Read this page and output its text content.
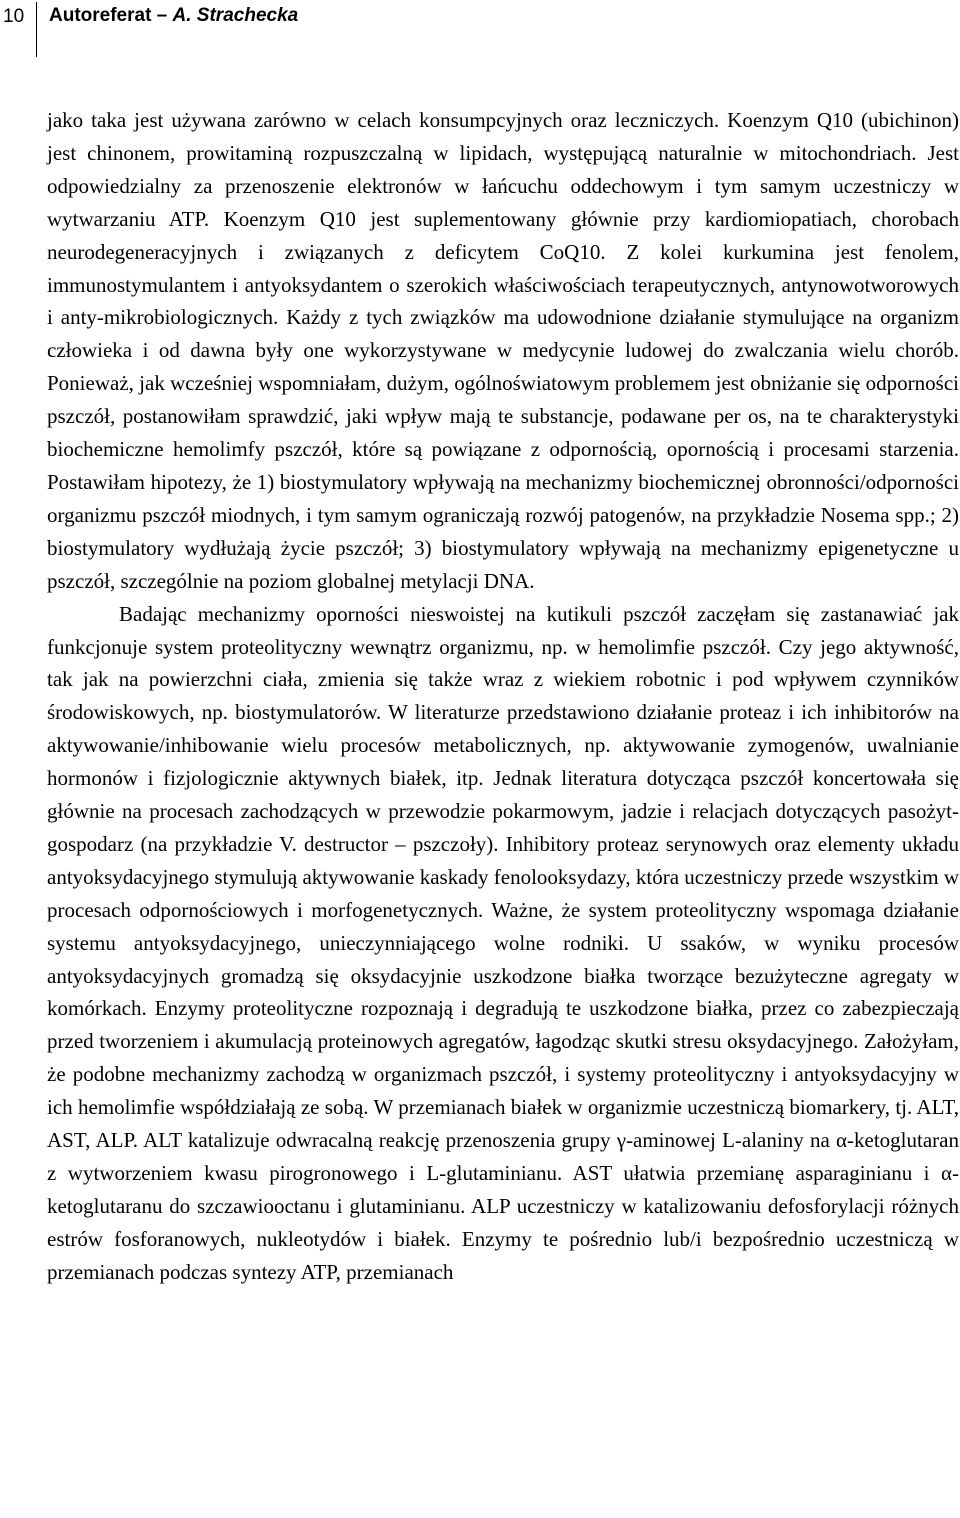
10 Autoreferat – A. Strachecka

jako taka jest używana zarówno w celach konsumpcyjnych oraz leczniczych. Koenzym Q10 (ubichinon) jest chinonem, prowitaminą rozpuszczalną w lipidach, występującą naturalnie w mitochondriach. Jest odpowiedzialny za przenoszenie elektronów w łańcuchu oddechowym i tym samym uczestniczy w wytwarzaniu ATP. Koenzym Q10 jest suplementowany głównie przy kardiomiopatiach, chorobach neurodegeneracyjnych i związanych z deficytem CoQ10. Z kolei kurkumina jest fenolem, immunostymulantem i antyoksydantem o szerokich właściwościach terapeutycznych, antynowotworowych i anty-mikrobiologicznych. Każdy z tych związków ma udowodnione działanie stymulujące na organizm człowieka i od dawna były one wykorzystywane w medycynie ludowej do zwalczania wielu chorób. Ponieważ, jak wcześniej wspomniałam, dużym, ogólnoświatowym problemem jest obniżanie się odporności pszczół, postanowiłam sprawdzić, jaki wpływ mają te substancje, podawane per os, na te charakterystyki biochemiczne hemolimfy pszczół, które są powiązane z odpornością, opornością i procesami starzenia. Postawiłam hipotezy, że 1) biostymulatory wpływają na mechanizmy biochemicznej obronności/odporności organizmu pszczół miodnych, i tym samym ograniczają rozwój patogenów, na przykładzie Nosema spp.; 2) biostymulatory wydłużają życie pszczół; 3) biostymulatory wpływają na mechanizmy epigenetyczne u pszczół, szczególnie na poziom globalnej metylacji DNA.

Badając mechanizmy oporności nieswoistej na kutikuli pszczół zaczęłam się zastanawiać jak funkcjonuje system proteolityczny wewnątrz organizmu, np. w hemolimfie pszczół. Czy jego aktywność, tak jak na powierzchni ciała, zmienia się także wraz z wiekiem robotnic i pod wpływem czynników środowiskowych, np. biostymulatorów. W literaturze przedstawiono działanie proteaz i ich inhibitorów na aktywowanie/inhibowanie wielu procesów metabolicznych, np. aktywowanie zymogenów, uwalnianie hormonów i fizjologicznie aktywnych białek, itp. Jednak literatura dotycząca pszczół koncertowała się głównie na procesach zachodzących w przewodzie pokarmowym, jadzie i relacjach dotyczących pasożyt-gospodarz (na przykładzie V. destructor – pszczoły). Inhibitory proteaz serynowych oraz elementy układu antyoksydacyjnego stymulują aktywowanie kaskady fenolooksydazy, która uczestniczy przede wszystkim w procesach odpornościowych i morfogenetycznych. Ważne, że system proteolityczny wspomaga działanie systemu antyoksydacyjnego, unieczynniającego wolne rodniki. U ssaków, w wyniku procesów antyoksydacyjnych gromadzą się oksydacyjnie uszkodzone białka tworzące bezużyteczne agregaty w komórkach. Enzymy proteolityczne rozpoznają i degradują te uszkodzone białka, przez co zabezpieczają przed tworzeniem i akumulacją proteinowych agregatów, łagodząc skutki stresu oksydacyjnego. Założyłam, że podobne mechanizmy zachodzą w organizmach pszczół, i systemy proteolityczny i antyoksydacyjny w ich hemolimfie współdziałają ze sobą. W przemianach białek w organizmie uczestniczą biomarkery, tj. ALT, AST, ALP. ALT katalizuje odwracalną reakcję przenoszenia grupy γ-aminowej L-alaniny na α-ketoglutaran z wytworzeniem kwasu pirogronowego i L-glutaminianu. AST ułatwia przemianę asparaginianu i α-ketoglutaranu do szczawiooctanu i glutaminianu. ALP uczestniczy w katalizowaniu defosforylacji różnych estrów fosforanowych, nukleotydów i białek. Enzymy te pośrednio lub/i bezpośrednio uczestniczą w przemianach podczas syntezy ATP, przemianach
